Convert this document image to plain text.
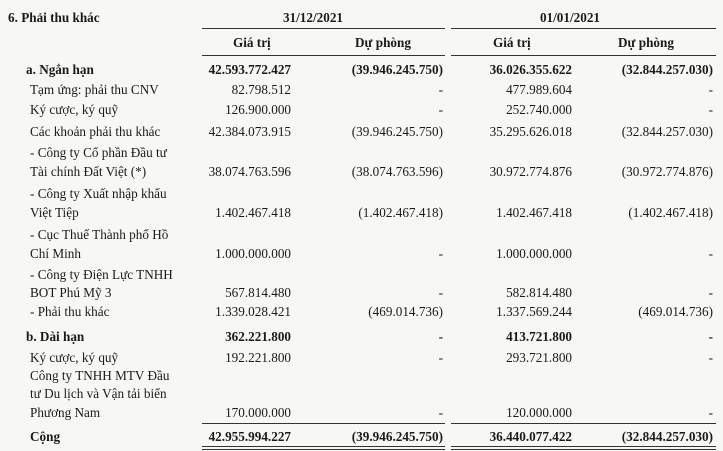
6. Phải thu khác	31/12/2021	01/01/2021
Giá trị	Dự phòng	Giá trị	Dự phòng
a. Ngắn hạn	42.593.772.427	(39.946.245.750)	36.026.355.622	(32.844.257.030)
Tạm ứng: phải thu CNV	82.798.512	-	477.989.604	-
Ký cược, ký quỹ	126.900.000	-	252.740.000	-
Các khoản phải thu khác	42.384.073.915	(39.946.245.750)	35.295.626.018	(32.844.257.030)
- Công ty Cổ phần Đầu tư
Tài chính Đất Việt (*)	38.074.763.596	(38.074.763.596)	30.972.774.876	(30.972.774.876)
- Công ty Xuất nhập khẩu
Việt Tiệp	1.402.467.418	(1.402.467.418)	1.402.467.418	(1.402.467.418)
- Cục Thuế Thành phố Hồ
Chí Minh	1.000.000.000	-	1.000.000.000	-
- Công ty Điện Lực TNHH
BOT Phú Mỹ 3	567.814.480	-	582.814.480	-
- Phải thu khác	1.339.028.421	(469.014.736)	1.337.569.244	(469.014.736)
b. Dài hạn	362.221.800	-	413.721.800	-
Ký cược, ký quỹ	192.221.800	-	293.721.800	-
Công ty TNHH MTV Đầu
tư Du lịch và Vận tải biển
Phương Nam	170.000.000	-	120.000.000	-
Cộng	42.955.994.227	(39.946.245.750)	36.440.077.422	(32.844.257.030)
